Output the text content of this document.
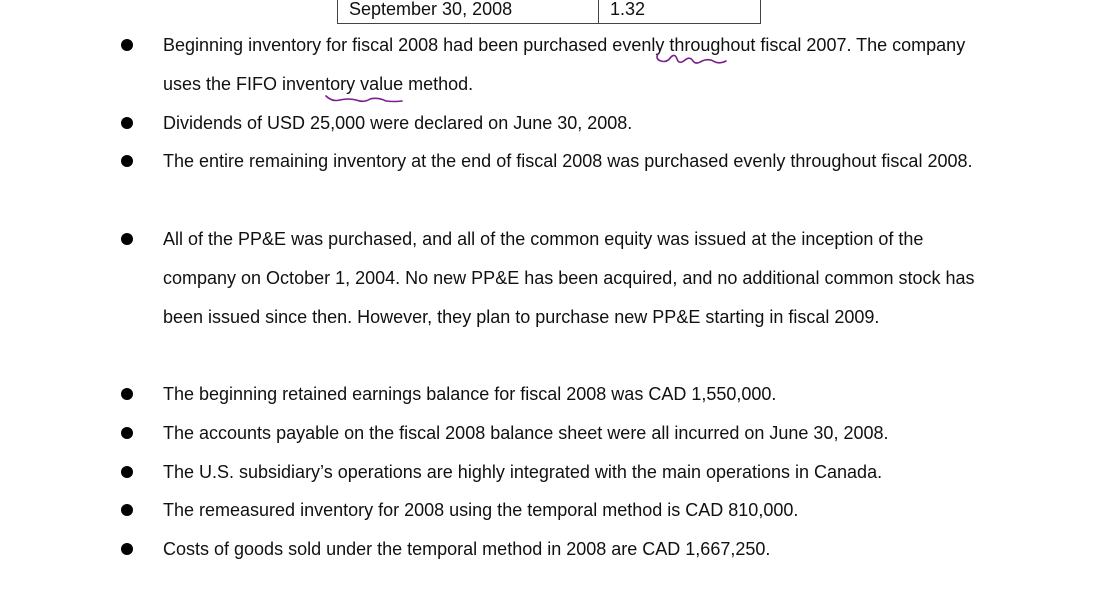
September 30, 2008	1.32
Beginning inventory for fiscal 2008 had been purchased evenly throughout fiscal 2007. The company uses the FIFO inventory value method.
Dividends of USD 25,000 were declared on June 30, 2008.
The entire remaining inventory at the end of fiscal 2008 was purchased evenly throughout fiscal 2008.
All of the PP&E was purchased, and all of the common equity was issued at the inception of the company on October 1, 2004. No new PP&E has been acquired, and no additional common stock has been issued since then. However, they plan to purchase new PP&E starting in fiscal 2009.
The beginning retained earnings balance for fiscal 2008 was CAD 1,550,000.
The accounts payable on the fiscal 2008 balance sheet were all incurred on June 30, 2008.
The U.S. subsidiary’s operations are highly integrated with the main operations in Canada.
The remeasured inventory for 2008 using the temporal method is CAD 810,000.
Costs of goods sold under the temporal method in 2008 are CAD 1,667,250.
